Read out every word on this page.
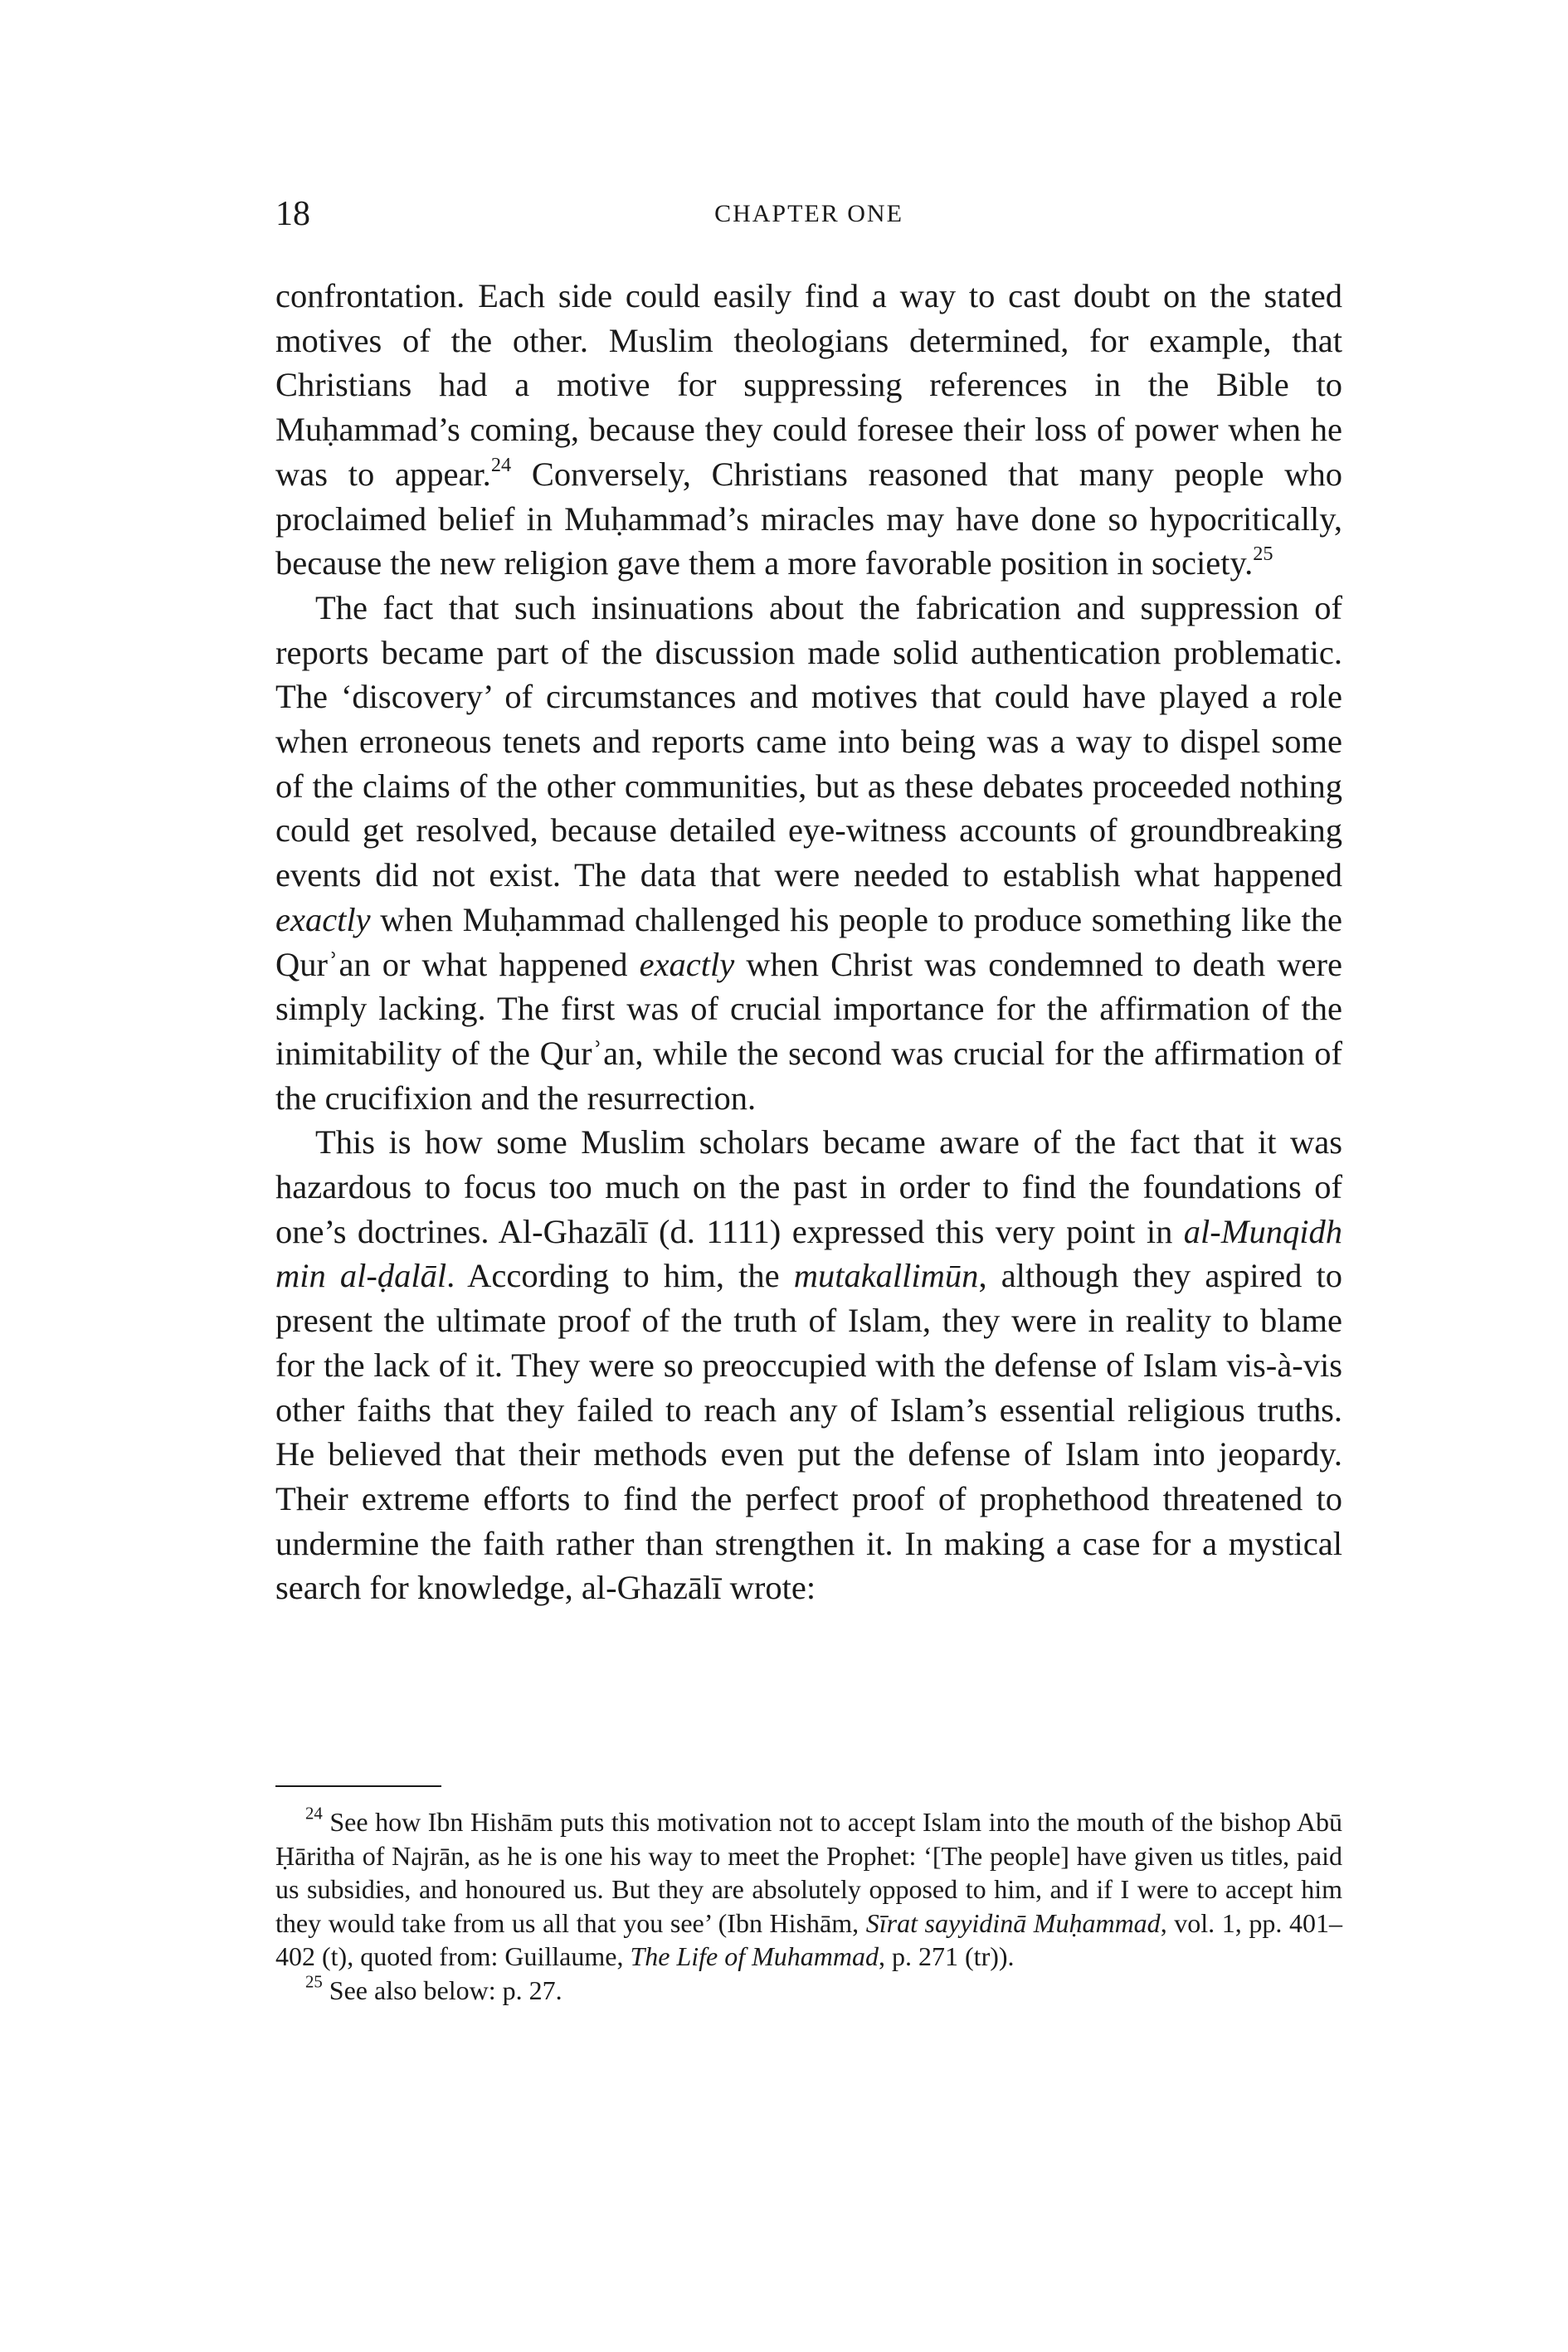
18	CHAPTER ONE

confrontation. Each side could easily find a way to cast doubt on the stated motives of the other. Muslim theologians determined, for example, that Christians had a motive for suppressing references in the Bible to Muḥammad’s coming, because they could foresee their loss of power when he was to appear.$^{24}$ Conversely, Christians reasoned that many people who proclaimed belief in Muḥammad’s miracles may have done so hypocritically, because the new religion gave them a more favorable position in society.$^{25}$

The fact that such insinuations about the fabrication and suppression of reports became part of the discussion made solid authentication problematic. The ‘discovery’ of circumstances and motives that could have played a role when erroneous tenets and reports came into being was a way to dispel some of the claims of the other communities, but as these debates proceeded nothing could get resolved, because detailed eye-witness accounts of groundbreaking events did not exist. The data that were needed to establish what happened exactly when Muḥammad challenged his people to produce something like the Qurʾan or what happened exactly when Christ was condemned to death were simply lacking. The first was of crucial importance for the affirmation of the inimitability of the Qurʾan, while the second was crucial for the affirmation of the crucifixion and the resurrection.

This is how some Muslim scholars became aware of the fact that it was hazardous to focus too much on the past in order to find the foundations of one’s doctrines. Al-Ghazālī (d. 1111) expressed this very point in al-Munqidh min al-ḍalāl. According to him, the mutakallimūn, although they aspired to present the ultimate proof of the truth of Islam, they were in reality to blame for the lack of it. They were so preoccupied with the defense of Islam vis-à-vis other faiths that they failed to reach any of Islam’s essential religious truths. He believed that their methods even put the defense of Islam into jeopardy. Their extreme efforts to find the perfect proof of prophethood threatened to undermine the faith rather than strengthen it. In making a case for a mystical search for knowledge, al-Ghazālī wrote:

$^{24}$ See how Ibn Hishām puts this motivation not to accept Islam into the mouth of the bishop Abū Ḥāritha of Najrān, as he is one his way to meet the Prophet: ‘[The people] have given us titles, paid us subsidies, and honoured us. But they are absolutely opposed to him, and if I were to accept him they would take from us all that you see’ (Ibn Hishām, Sīrat sayyidinā Muḥammad, vol. 1, pp. 401–402 (t), quoted from: Guillaume, The Life of Muhammad, p. 271 (tr)).

$^{25}$ See also below: p. 27.
